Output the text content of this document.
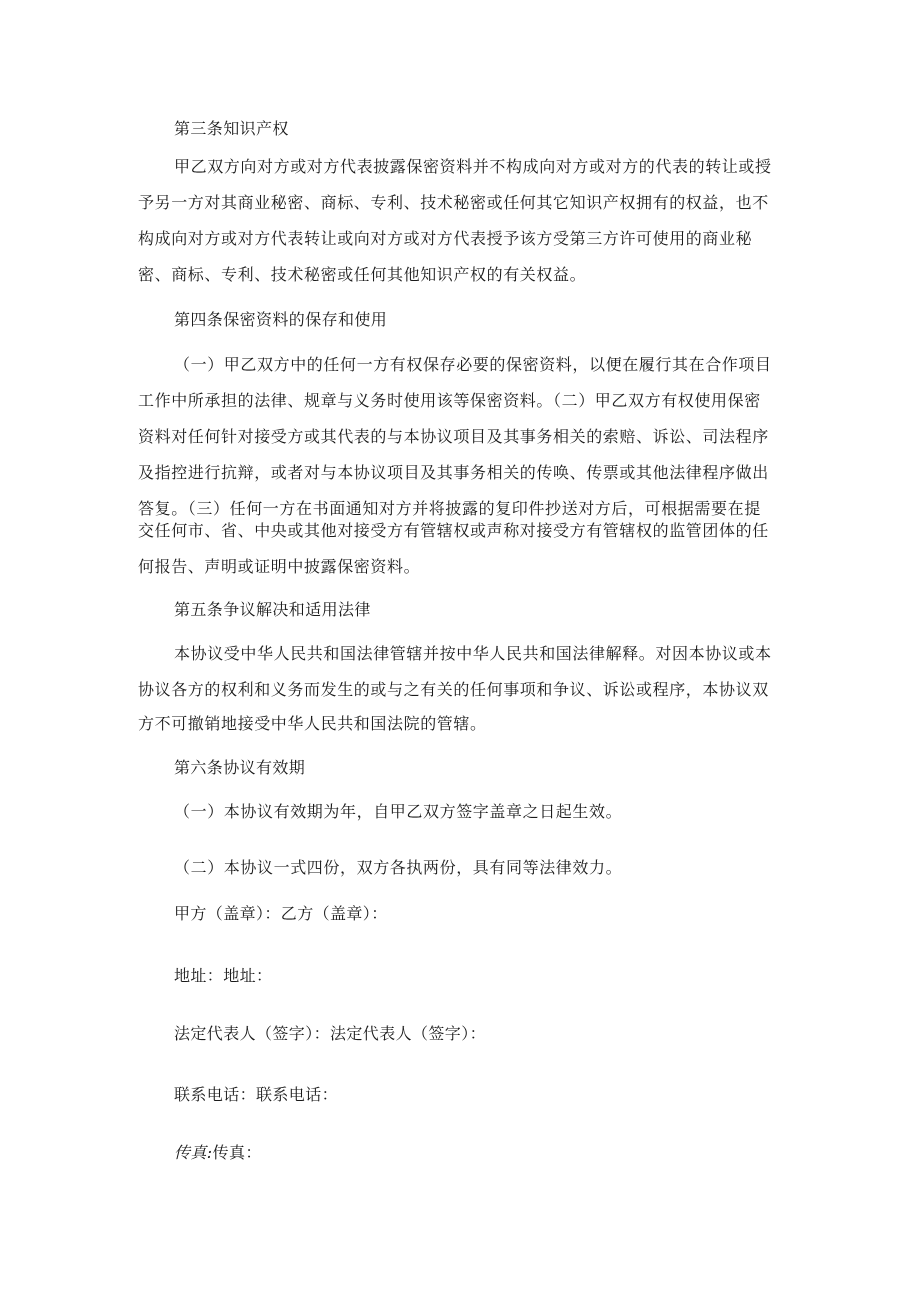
第三条知识产权
甲乙双方向对方或对方代表披露保密资料并不构成向对方或对方的代表的转让或授
予另一方对其商业秘密、商标、专利、技术秘密或任何其它知识产权拥有的权益，也不
构成向对方或对方代表转让或向对方或对方代表授予该方受第三方许可使用的商业秘
密、商标、专利、技术秘密或任何其他知识产权的有关权益。
第四条保密资料的保存和使用
（一）甲乙双方中的任何一方有权保存必要的保密资料，以便在履行其在合作项目
工作中所承担的法律、规章与义务时使用该等保密资料。（二）甲乙双方有权使用保密
资料对任何针对接受方或其代表的与本协议项目及其事务相关的索赔、诉讼、司法程序
及指控进行抗辩，或者对与本协议项目及其事务相关的传唤、传票或其他法律程序做出
答复。（三）任何一方在书面通知对方并将披露的复印件抄送对方后，可根据需要在提
交任何市、省、中央或其他对接受方有管辖权或声称对接受方有管辖权的监管团体的任
何报告、声明或证明中披露保密资料。
第五条争议解决和适用法律
本协议受中华人民共和国法律管辖并按中华人民共和国法律解释。对因本协议或本
协议各方的权利和义务而发生的或与之有关的任何事项和争议、诉讼或程序，本协议双
方不可撤销地接受中华人民共和国法院的管辖。
第六条协议有效期
（一）本协议有效期为年，自甲乙双方签字盖章之日起生效。
（二）本协议一式四份，双方各执两份，具有同等法律效力。
甲方（盖章）：乙方（盖章）：
地址：地址：
法定代表人（签字）：法定代表人（签字）：
联系电话：联系电话：
传真:传真：
